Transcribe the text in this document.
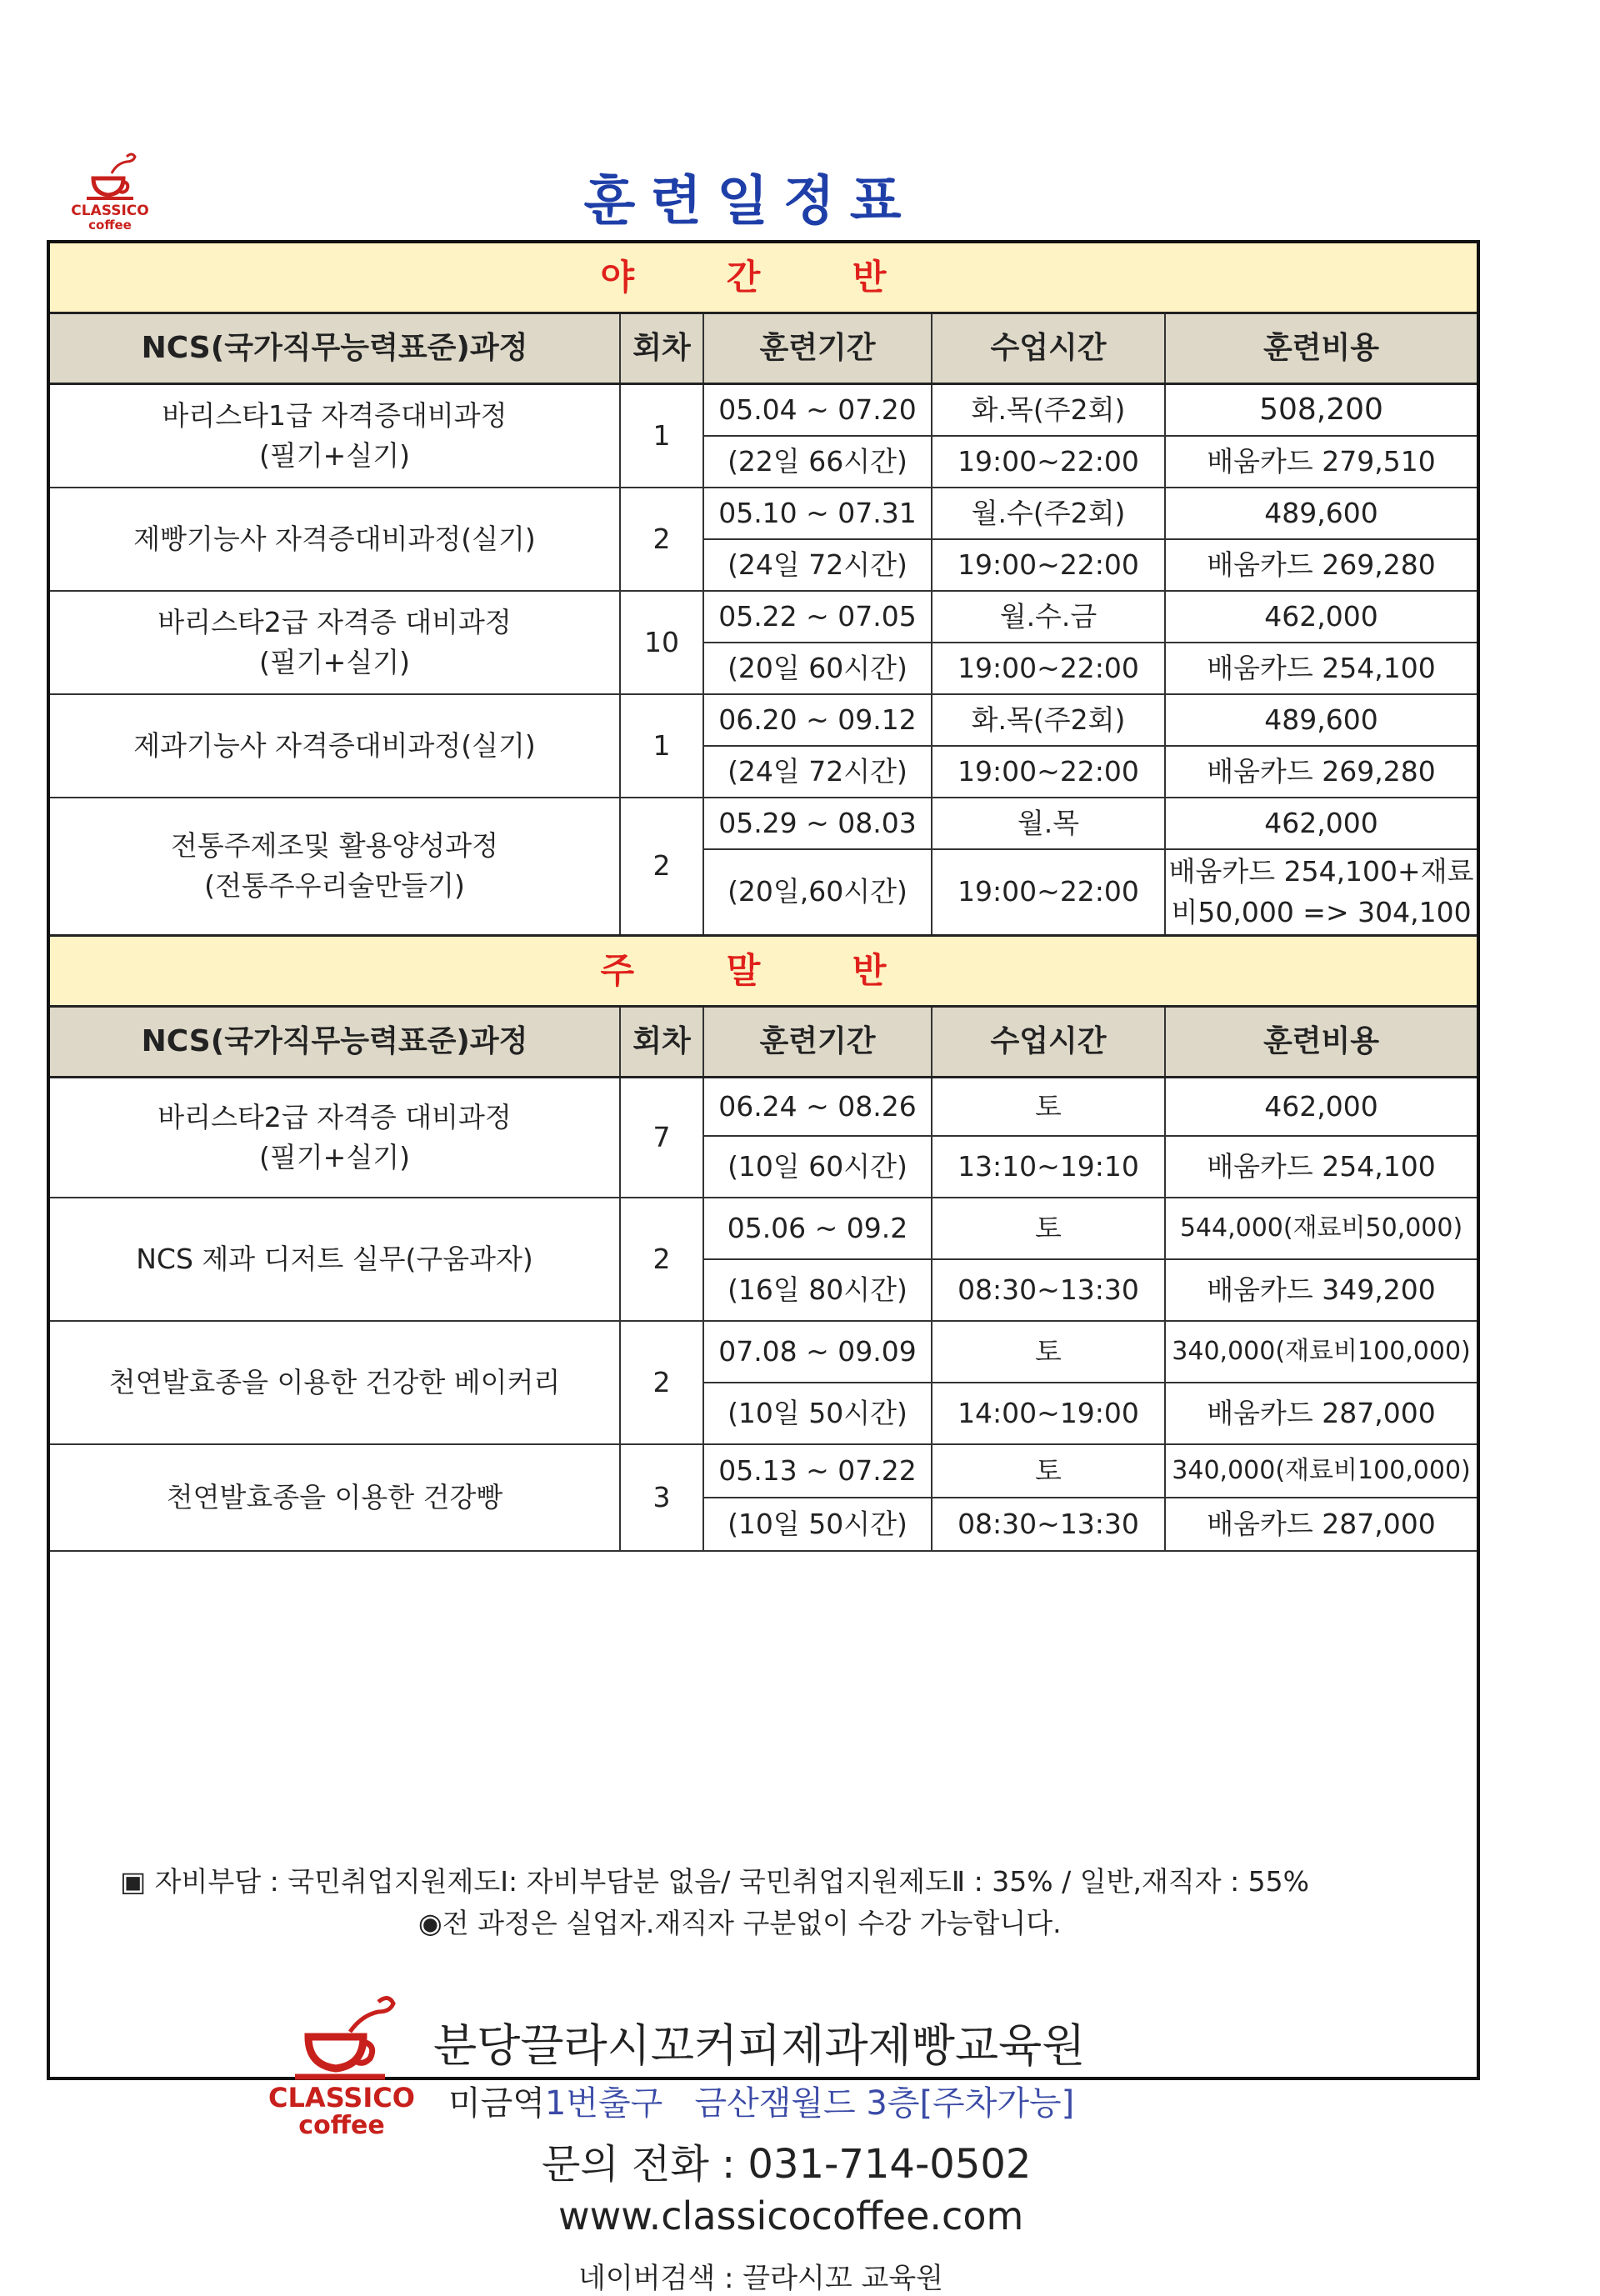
CLASSICO
coffee	훈련일정표
야 간 반				
NCS(국가직무능력표준)과정	회차	훈련기간	수업시간	훈련비용

바리스타1급 자격증대비과정
(필기+실기)	1	05.04 ~ 07.20	화.목(주2회)	508,200
		(22일 66시간)	19:00~22:00	배움카드 279,510

제빵기능사 자격증대비과정(실기)	2	05.10 ~ 07.31	월.수(주2회)	489,600
		(24일 72시간)	19:00~22:00	배움카드 269,280

바리스타2급 자격증 대비과정
(필기+실기)	10	05.22 ~ 07.05	월.수.금	462,000
		(20일 60시간)	19:00~22:00	배움카드 254,100

제과기능사 자격증대비과정(실기)	1	06.20 ~ 09.12	화.목(주2회)	489,600
		(24일 72시간)	19:00~22:00	배움카드 269,280

전통주제조및 활용양성과정
(전통주우리술만들기)	2	05.29 ~ 08.03	월.목	462,000
		(20일,60시간)	19:00~22:00	배움카드 254,100+재료
비50,000 => 304,100

주 말 반				
NCS(국가직무능력표준)과정	회차	훈련기간	수업시간	훈련비용

바리스타2급 자격증 대비과정
(필기+실기)	7	06.24 ~ 08.26	토	462,000
		(10일 60시간)	13:10~19:10	배움카드 254,100

NCS 제과 디저트 실무(구움과자)	2	05.06 ~ 09.2	토	544,000(재료비50,000)
		(16일 80시간)	08:30~13:30	배움카드 349,200

천연발효종을 이용한 건강한 베이커리	2	07.08 ~ 09.09	토	340,000(재료비100,000)
		(10일 50시간)	14:00~19:00	배움카드 287,000

천연발효종을 이용한 건강빵	3	05.13 ~ 07.22	토	340,000(재료비100,000)
		(10일 50시간)	08:30~13:30	배움카드 287,000
▣ 자비부담 : 국민취업지원제도Ⅰ: 자비부담분 없음/ 국민취업지원제도Ⅱ : 35% / 일반,재직자 : 55%
◉전 과정은 실업자.재직자 구분없이 수강 가능합니다.
CLASSICO
coffee
분당끌라시꼬커피제과제빵교육원
미금역1번출구 금산잼월드 3층[주차가능]
문의 전화 : 031-714-0502
www.classicocoffee.com
네이버검색 : 끌라시꼬 교육원
